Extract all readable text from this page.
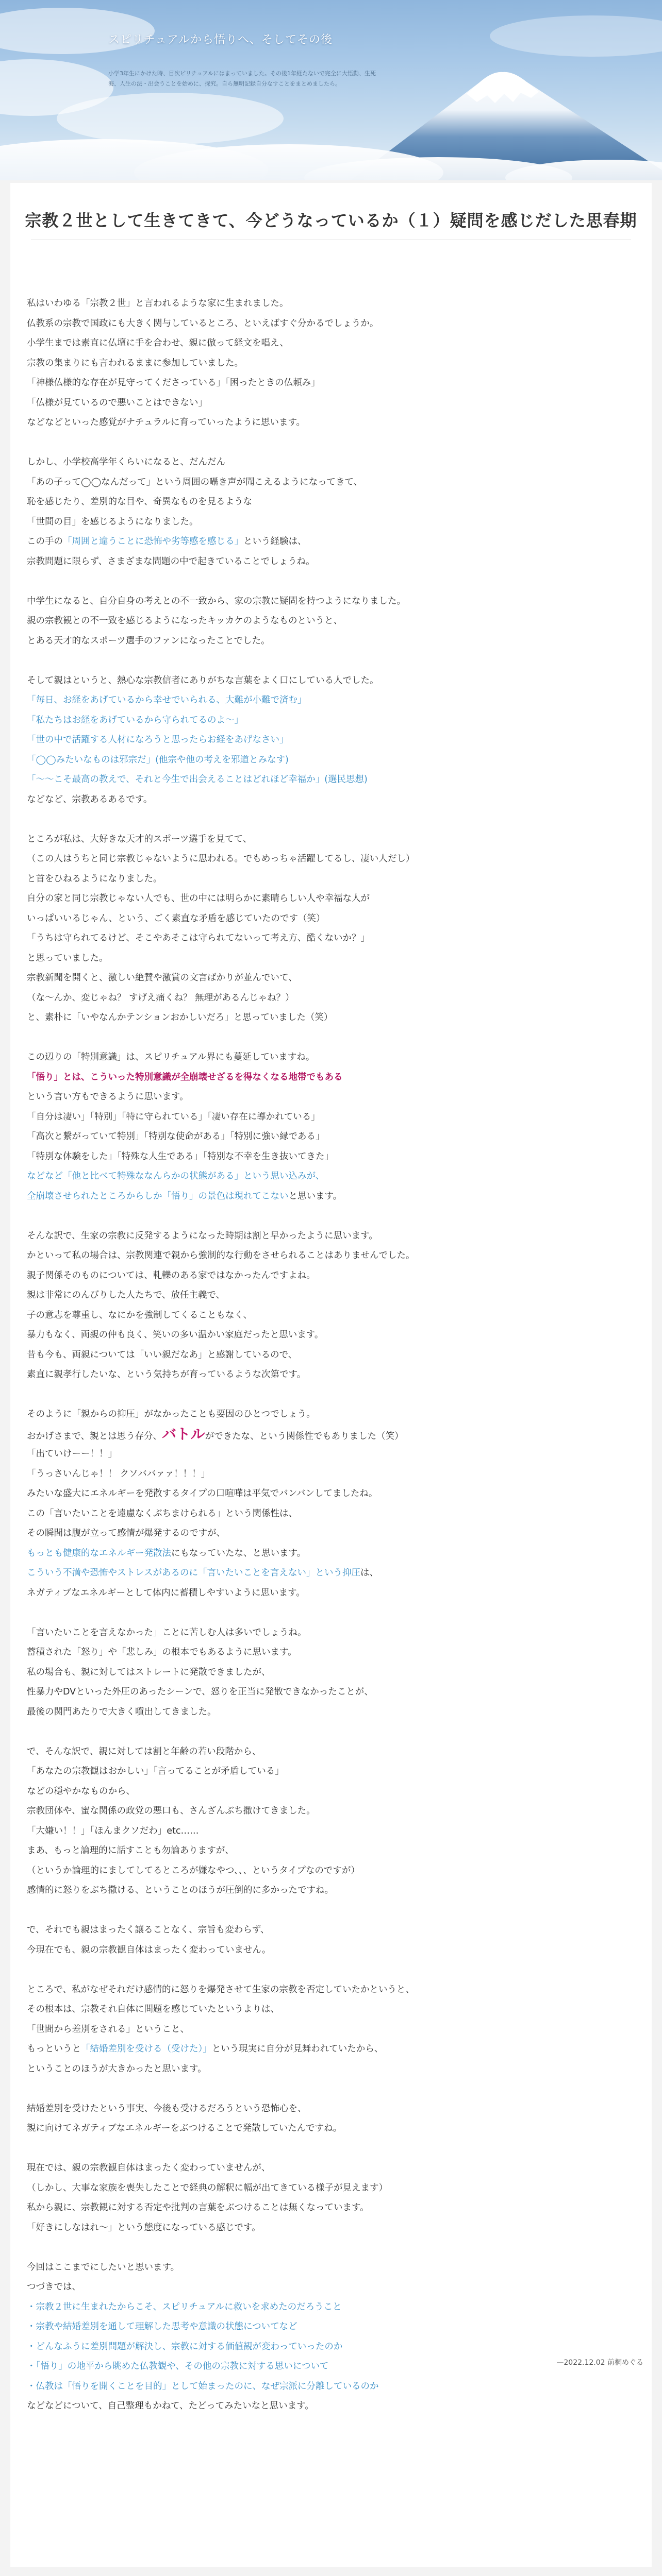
スピリチュアルから悟りへ、そしてその後
小学3年生にかけた時、目次ピリチュアルにはまっていました。その後1年経たないで完全に大悟勤、生死海、人生の法・出会うことを始めに、探究。自ら無明記録自分なすことをまとめましたら。
宗教２世として生きてきて、今どうなっているか（１）疑問を感じだした思春期
私はいわゆる「宗教２世」と言われるような家に生まれました。
仏教系の宗教で国政にも大きく関与しているところ、といえばすぐ分かるでしょうか。
小学生までは素直に仏壇に手を合わせ、親に倣って経文を唱え、
宗教の集まりにも言われるままに参加していました。
「神様仏様的な存在が見守ってくださっている」「困ったときの仏頼み」
「仏様が見ているので悪いことはできない」
などなどといった感覚がナチュラルに育っていったように思います。
しかし、小学校高学年くらいになると、だんだん
「あの子って◯◯なんだって」という周囲の囁き声が聞こえるようになってきて、
恥を感じたり、差別的な目や、奇異なものを見るような
「世間の目」を感じるようになりました。
この手の「周囲と違うことに恐怖や劣等感を感じる」という経験は、
宗教問題に限らず、さまざまな問題の中で起きていることでしょうね。
中学生になると、自分自身の考えとの不一致から、家の宗教に疑問を持つようになりました。
親の宗教観との不一致を感じるようになったキッカケのようなものというと、
とある天才的なスポーツ選手のファンになったことでした。
そして親はというと、熱心な宗教信者にありがちな言葉をよく口にしている人でした。
「毎日、お経をあげているから幸せでいられる、大難が小難で済む」
「私たちはお経をあげているから守られてるのよ〜」
「世の中で活躍する人材になろうと思ったらお経をあげなさい」
「◯◯みたいなものは邪宗だ」(他宗や他の考えを邪道とみなす)
「〜〜こそ最高の教えで、それと今生で出会えることはどれほど幸福か」(選民思想)
などなど、宗教あるあるです。
ところが私は、大好きな天才的スポーツ選手を見てて、
（この人はうちと同じ宗教じゃないように思われる。でもめっちゃ活躍してるし、凄い人だし）
と首をひねるようになりました。
自分の家と同じ宗教じゃない人でも、世の中には明らかに素晴らしい人や幸福な人が
いっぱいいるじゃん、という、ごく素直な矛盾を感じていたのです（笑）
「うちは守られてるけど、そこやあそこは守られてないって考え方、酷くないか？」
と思っていました。
宗教新聞を開くと、激しい絶賛や激賞の文言ばかりが並んでいて、
（な〜んか、変じゃね？ すげえ痛くね？ 無理があるんじゃね？）
と、素朴に「いやなんかテンションおかしいだろ」と思っていました（笑）
この辺りの「特別意識」は、スピリチュアル界にも蔓延していますね。
「悟り」とは、こういった特別意識が全崩壊せざるを得なくなる地帯でもある
という言い方もできるように思います。
「自分は凄い」「特別」「特に守られている」「凄い存在に導かれている」
「高次と繋がっていて特別」「特別な使命がある」「特別に強い縁である」
「特別な体験をした」「特殊な人生である」「特別な不幸を生き抜いてきた」
などなど「他と比べて特殊ななんらかの状態がある」という思い込みが、
全崩壊させられたところからしか「悟り」の景色は現れてこないと思います。
そんな訳で、生家の宗教に反発するようになった時期は割と早かったように思います。
かといって私の場合は、宗教関連で親から強制的な行動をさせられることはありませんでした。
親子関係そのものについては、軋轢のある家ではなかったんですよね。
親は非常にのんびりした人たちで、放任主義で、
子の意志を尊重し、なにかを強制してくることもなく、
暴力もなく、両親の仲も良く、笑いの多い温かい家庭だったと思います。
昔も今も、両親については「いい親だなあ」と感謝しているので、
素直に親孝行したいな、という気持ちが育っているような次第です。
そのように「親からの抑圧」がなかったことも要因のひとつでしょう。
おかげさまで、親とは思う存分、バトルができたな、という関係性でもありました（笑）
「出ていけーー！！」
「うっさいんじゃ！！ クソババァァ！！！」
みたいな盛大にエネルギーを発散するタイプの口喧嘩は平気でバンバンしてましたね。
この「言いたいことを遠慮なくぶちまけられる」という関係性は、
その瞬間は腹が立って感情が爆発するのですが、
もっとも健康的なエネルギー発散法にもなっていたな、と思います。
こういう不満や恐怖やストレスがあるのに「言いたいことを言えない」という抑圧は、
ネガティブなエネルギーとして体内に蓄積しやすいように思います。
「言いたいことを言えなかった」ことに苦しむ人は多いでしょうね。
蓄積された「怒り」や「悲しみ」の根本でもあるように思います。
私の場合も、親に対してはストレートに発散できましたが、
性暴力やDVといった外圧のあったシーンで、怒りを正当に発散できなかったことが、
最後の関門あたりで大きく噴出してきました。
で、そんな訳で、親に対しては割と年齢の若い段階から、
「あなたの宗教観はおかしい」「言ってることが矛盾している」
などの穏やかなものから、
宗教団体や、蜜な関係の政党の悪口も、さんざんぶち撒けてきました。
「大嫌い！！」「ほんまクソだわ」etc……
まあ、もっと論理的に話すことも勿論ありますが、
（というか論理的にましてしてるところが嫌なやつ、、、というタイプなのですが）
感情的に怒りをぶち撒ける、ということのほうが圧倒的に多かったですね。
で、それでも親はまったく譲ることなく、宗旨も変わらず、
今現在でも、親の宗教観自体はまったく変わっていません。
ところで、私がなぜそれだけ感情的に怒りを爆発させて生家の宗教を否定していたかというと、
その根本は、宗教それ自体に問題を感じていたというよりは、
「世間から差別をされる」ということ、
もっというと「結婚差別を受ける（受けた）」という現実に自分が見舞われていたから、
ということのほうが大きかったと思います。
結婚差別を受けたという事実、今後も受けるだろうという恐怖心を、
親に向けてネガティブなエネルギーをぶつけることで発散していたんですね。
現在では、親の宗教観自体はまったく変わっていませんが、
（しかし、大事な家族を喪失したことで経典の解釈に幅が出てきている様子が見えます）
私から親に、宗教観に対する否定や批判の言葉をぶつけることは無くなっています。
「好きにしなはれ〜」という態度になっている感じです。
今回はここまでにしたいと思います。
つづきでは、
・宗教２世に生まれたからこそ、スピリチュアルに救いを求めたのだろうこと
・宗教や結婚差別を通して理解した思考や意識の状態についてなど
・どんなふうに差別問題が解決し、宗教に対する価値観が変わっていったのか
・「悟り」の地平から眺めた仏教観や、その他の宗教に対する思いについて
・仏教は「悟りを開くことを目的」として始まったのに、なぜ宗派に分離しているのか
などなどについて、自己整理もかねて、たどってみたいなと思います。
—2022.12.02 前桐めぐる
